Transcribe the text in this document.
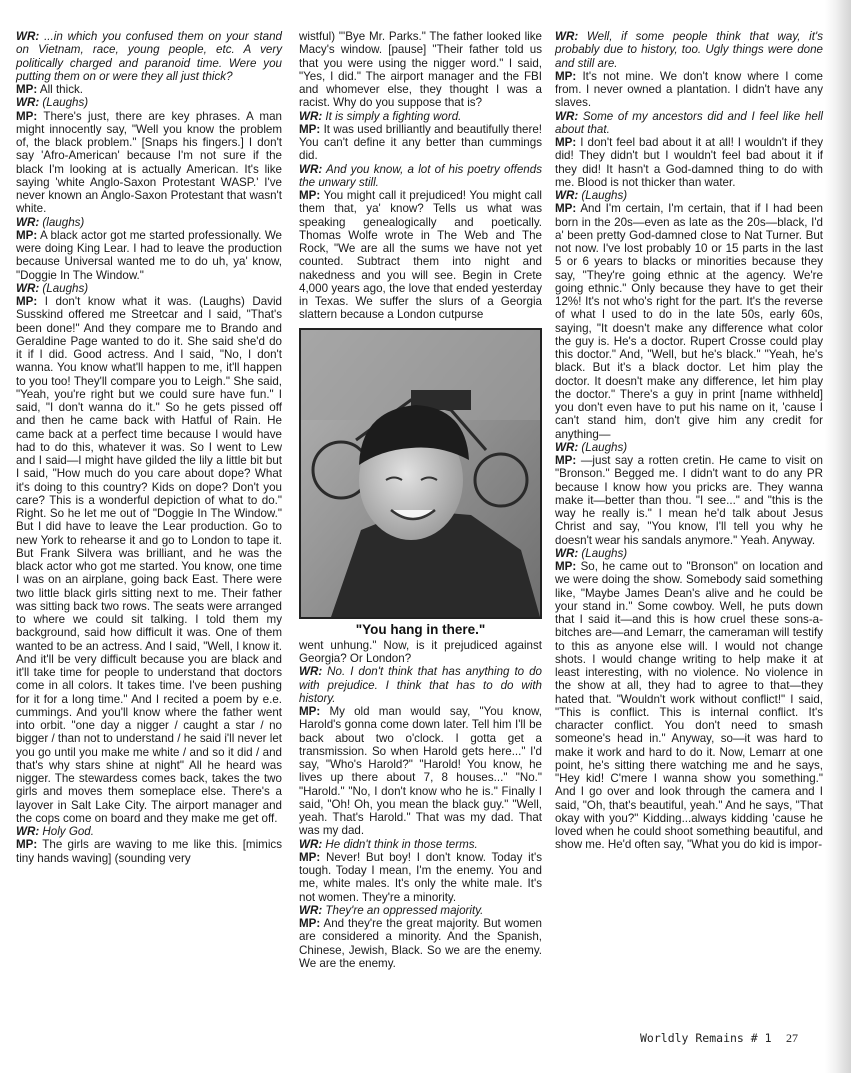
WR: ...in which you confused them on your stand on Vietnam, race, young people, etc. A very politically charged and paranoid time. Were you putting them on or were they all just thick?

MP: All thick.

WR: (Laughs)

MP: There's just, there are key phrases. A man might innocently say, "Well you know the problem of, the black problem." [Snaps his fingers.] I don't say 'Afro-American' because I'm not sure if the black I'm looking at is actually American. It's like saying 'white Anglo-Saxon Protestant WASP.' I've never known an Anglo-Saxon Protestant that wasn't white.

WR: (laughs)

MP: A black actor got me started professionally. We were doing King Lear. I had to leave the production because Universal wanted me to do uh, ya' know, "Doggie In The Window."

WR: (Laughs)

MP: I don't know what it was. (Laughs) David Susskind offered me Streetcar and I said, "That's been done!" And they compare me to Brando and Geraldine Page wanted to do it. She said she'd do it if I did. Good actress. And I said, "No, I don't wanna. You know what'll happen to me, it'll happen to you too! They'll compare you to Leigh." She said, "Yeah, you're right but we could sure have fun." I said, "I don't wanna do it." So he gets pissed off and then he came back with Hatful of Rain. He came back at a perfect time because I would have had to do this, whatever it was. So I went to Lew and I said—I might have gilded the lily a little bit but I said, "How much do you care about dope? What it's doing to this country? Kids on dope? Don't you care? This is a wonderful depiction of what to do." Right. So he let me out of "Doggie In The Window." But I did have to leave the Lear production. Go to new York to rehearse it and go to London to tape it. But Frank Silvera was brilliant, and he was the black actor who got me started. You know, one time I was on an airplane, going back East. There were two little black girls sitting next to me. Their father was sitting back two rows. The seats were arranged to where we could sit talking. I told them my background, said how difficult it was. One of them wanted to be an actress. And I said, "Well, I know it. And it'll be very difficult because you are black and it'll take time for people to understand that doctors come in all colors. It takes time. I've been pushing for it for a long time." And I recited a poem by e.e. cummings. And you'll know where the father went into orbit. "one day a nigger / caught a star / no bigger / than not to understand / he said i'll never let you go until you make me white / and so it did / and that's why stars shine at night" All he heard was nigger. The stewardess comes back, takes the two girls and moves them someplace else. There's a layover in Salt Lake City. The airport manager and the cops come on board and they make me get off.

WR: Holy God.

MP: The girls are waving to me like this. [mimics tiny hands waving] (sounding very

wistful) "'Bye Mr. Parks." The father looked like Macy's window. [pause] "Their father told us that you were using the nigger word." I said, "Yes, I did." The airport manager and the FBI and whomever else, they thought I was a racist. Why do you suppose that is?

WR: It is simply a fighting word.

MP: It was used brilliantly and beautifully there! You can't define it any better than cummings did.

WR: And you know, a lot of his poetry offends the unwary still.

MP: You might call it prejudiced! You might call them that, ya' know? Tells us what was speaking genealogically and poetically. Thomas Wolfe wrote in The Web and The Rock, "We are all the sums we have not yet counted. Subtract them into night and nakedness and you will see. Begin in Crete 4,000 years ago, the love that ended yesterday in Texas. We suffer the slurs of a Georgia slattern because a London cutpurse

"You hang in there."

went unhung." Now, is it prejudiced against Georgia? Or London?

WR: No. I don't think that has anything to do with prejudice. I think that has to do with history.

MP: My old man would say, "You know, Harold's gonna come down later. Tell him I'll be back about two o'clock. I gotta get a transmission. So when Harold gets here..." I'd say, "Who's Harold?" "Harold! You know, he lives up there about 7, 8 houses..." "No." "Harold." "No, I don't know who he is." Finally I said, "Oh! Oh, you mean the black guy." "Well, yeah. That's Harold." That was my dad. That was my dad.

WR: He didn't think in those terms.

MP: Never! But boy! I don't know. Today it's tough. Today I mean, I'm the enemy. You and me, white males. It's only the white male. It's not women. They're a minority.

WR: They're an oppressed majority.

MP: And they're the great majority. But women are considered a minority. And the Spanish, Chinese, Jewish, Black. So we are the enemy. We are the enemy.

WR: Well, if some people think that way, it's probably due to history, too. Ugly things were done and still are.

MP: It's not mine. We don't know where I come from. I never owned a plantation. I didn't have any slaves.

WR: Some of my ancestors did and I feel like hell about that.

MP: I don't feel bad about it at all! I wouldn't if they did! They didn't but I wouldn't feel bad about it if they did! It hasn't a God-damned thing to do with me. Blood is not thicker than water.

WR: (Laughs)

MP: And I'm certain, I'm certain, that if I had been born in the 20s—even as late as the 20s—black, I'd a' been pretty God-damned close to Nat Turner. But not now. I've lost probably 10 or 15 parts in the last 5 or 6 years to blacks or minorities because they say, "They're going ethnic at the agency. We're going ethnic." Only because they have to get their 12%! It's not who's right for the part. It's the reverse of what I used to do in the late 50s, early 60s, saying, "It doesn't make any difference what color the guy is. He's a doctor. Rupert Crosse could play this doctor." And, "Well, but he's black." "Yeah, he's black. But it's a black doctor. Let him play the doctor. It doesn't make any difference, let him play the doctor." There's a guy in print [name withheld] you don't even have to put his name on it, 'cause I can't stand him, don't give him any credit for anything—

WR: (Laughs)

MP: —just say a rotten cretin. He came to visit on "Bronson." Begged me. I didn't want to do any PR because I know how you pricks are. They wanna make it—better than thou. "I see..." and "this is the way he really is." I mean he'd talk about Jesus Christ and say, "You know, I'll tell you why he doesn't wear his sandals anymore." Yeah. Anyway.

WR: (Laughs)

MP: So, he came out to "Bronson" on location and we were doing the show. Somebody said something like, "Maybe James Dean's alive and he could be your stand in." Some cowboy. Well, he puts down that I said it—and this is how cruel these sons-a-bitches are—and Lemarr, the cameraman will testify to this as anyone else will. I would not change shots. I would change writing to help make it at least interesting, with no violence. No violence in the show at all, they had to agree to that—they hated that. "Wouldn't work without conflict!" I said, "This is conflict. This is internal conflict. It's character conflict. You don't need to smash someone's head in." Anyway, so—it was hard to make it work and hard to do it. Now, Lemarr at one point, he's sitting there watching me and he says, "Hey kid! C'mere I wanna show you something." And I go over and look through the camera and I said, "Oh, that's beautiful, yeah." And he says, "That okay with you?" Kidding...always kidding 'cause he loved when he could shoot something beautiful, and show me. He'd often say, "What you do kid is impor-

Worldly Remains # 1 27
